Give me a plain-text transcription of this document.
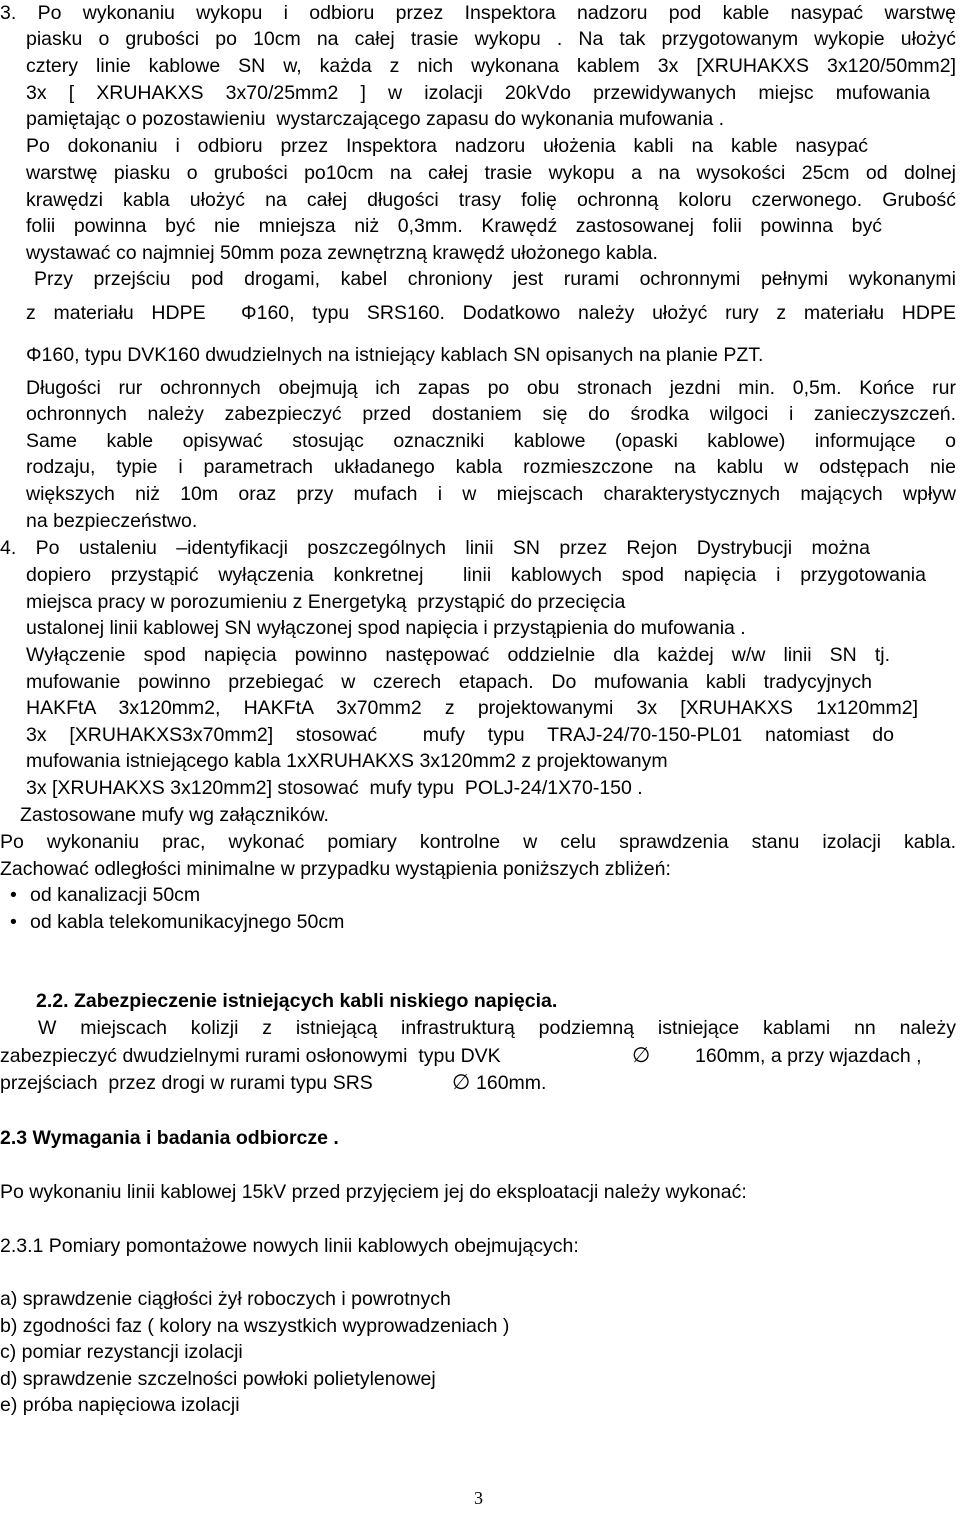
3. Po wykonaniu wykopu i odbioru przez Inspektora nadzoru pod kable nasypać warstwę
piasku o grubości po 10cm na całej trasie wykopu . Na tak przygotowanym wykopie ułożyć
cztery linie kablowe SN w, każda z nich wykonana kablem 3x [XRUHAKXS 3x120/50mm2]
3x [ XRUHAKXS 3x70/25mm2 ] w izolacji 20kVdo przewidywanych miejsc mufowania
pamiętając o pozostawieniu  wystarczającego zapasu do wykonania mufowania .
Po dokonaniu i odbioru przez Inspektora nadzoru ułożenia kabli na kable nasypać
warstwę piasku o grubości po10cm na całej trasie wykopu a na wysokości 25cm od dolnej
krawędzi kabla ułożyć na całej długości trasy folię ochronną koloru czerwonego. Grubość
folii powinna być nie mniejsza niż 0,3mm. Krawędź zastosowanej folii powinna być
wystawać co najmniej 50mm poza zewnętrzną krawędź ułożonego kabla.
Przy przejściu pod drogami, kabel chroniony jest rurami ochronnymi pełnymi wykonanymi
z materiału HDPE  Φ160, typu SRS160. Dodatkowo należy ułożyć rury z materiału HDPE
Φ160, typu DVK160 dwudzielnych na istniejący kablach SN opisanych na planie PZT.
Długości rur ochronnych obejmują ich zapas po obu stronach jezdni min. 0,5m. Końce rur
ochronnych należy zabezpieczyć przed dostaniem się do środka wilgoci i zanieczyszczeń.
Same kable opisywać stosując oznaczniki kablowe (opaski kablowe) informujące o
rodzaju, typie i parametrach układanego kabla rozmieszczone na kablu w odstępach nie
większych niż 10m oraz przy mufach i w miejscach charakterystycznych mających wpływ
na bezpieczeństwo.
4. Po ustaleniu –identyfikacji poszczególnych linii SN przez Rejon Dystrybucji można
dopiero przystąpić wyłączenia konkretnej  linii kablowych spod napięcia i przygotowania
miejsca pracy w porozumieniu z Energetyką  przystąpić do przecięcia
ustalonej linii kablowej SN wyłączonej spod napięcia i przystąpienia do mufowania .
Wyłączenie spod napięcia powinno następować oddzielnie dla każdej w/w linii SN tj.
mufowanie powinno przebiegać w czerech etapach. Do mufowania kabli tradycyjnych
HAKFtA 3x120mm2, HAKFtA 3x70mm2 z projektowanymi 3x [XRUHAKXS 1x120mm2]
3x [XRUHAKXS3x70mm2] stosować  mufy typu TRAJ-24/70-150-PL01 natomiast do
mufowania istniejącego kabla 1xXRUHAKXS 3x120mm2 z projektowanym
3x [XRUHAKXS 3x120mm2] stosować  mufy typu  POLJ-24/1X70-150 .
Zastosowane mufy wg załączników.
Po wykonaniu prac, wykonać pomiary kontrolne w celu sprawdzenia stanu izolacji kabla.
Zachować odległości minimalne w przypadku wystąpienia poniższych zbliżeń:
• od kanalizacji 50cm
• od kabla telekomunikacyjnego 50cm
2.2. Zabezpieczenie istniejących kabli niskiego napięcia.
W miejscach kolizji z istniejącą infrastrukturą podziemną istniejące kablami nn należy
zabezpieczyć dwudzielnymi rurami osłonowymi  typu DVK	∅ 160mm, a przy wjazdach ,
przejściach  przez drogi w rurami typu SRS	∅ 160mm.
2.3 Wymagania i badania odbiorcze .
Po wykonaniu linii kablowej 15kV przed przyjęciem jej do eksploatacji należy wykonać:
2.3.1 Pomiary pomontażowe nowych linii kablowych obejmujących:
a) sprawdzenie ciągłości żył roboczych i powrotnych
b) zgodności faz ( kolory na wszystkich wyprowadzeniach )
c) pomiar rezystancji izolacji
d) sprawdzenie szczelności powłoki polietylenowej
e) próba napięciowa izolacji
3
